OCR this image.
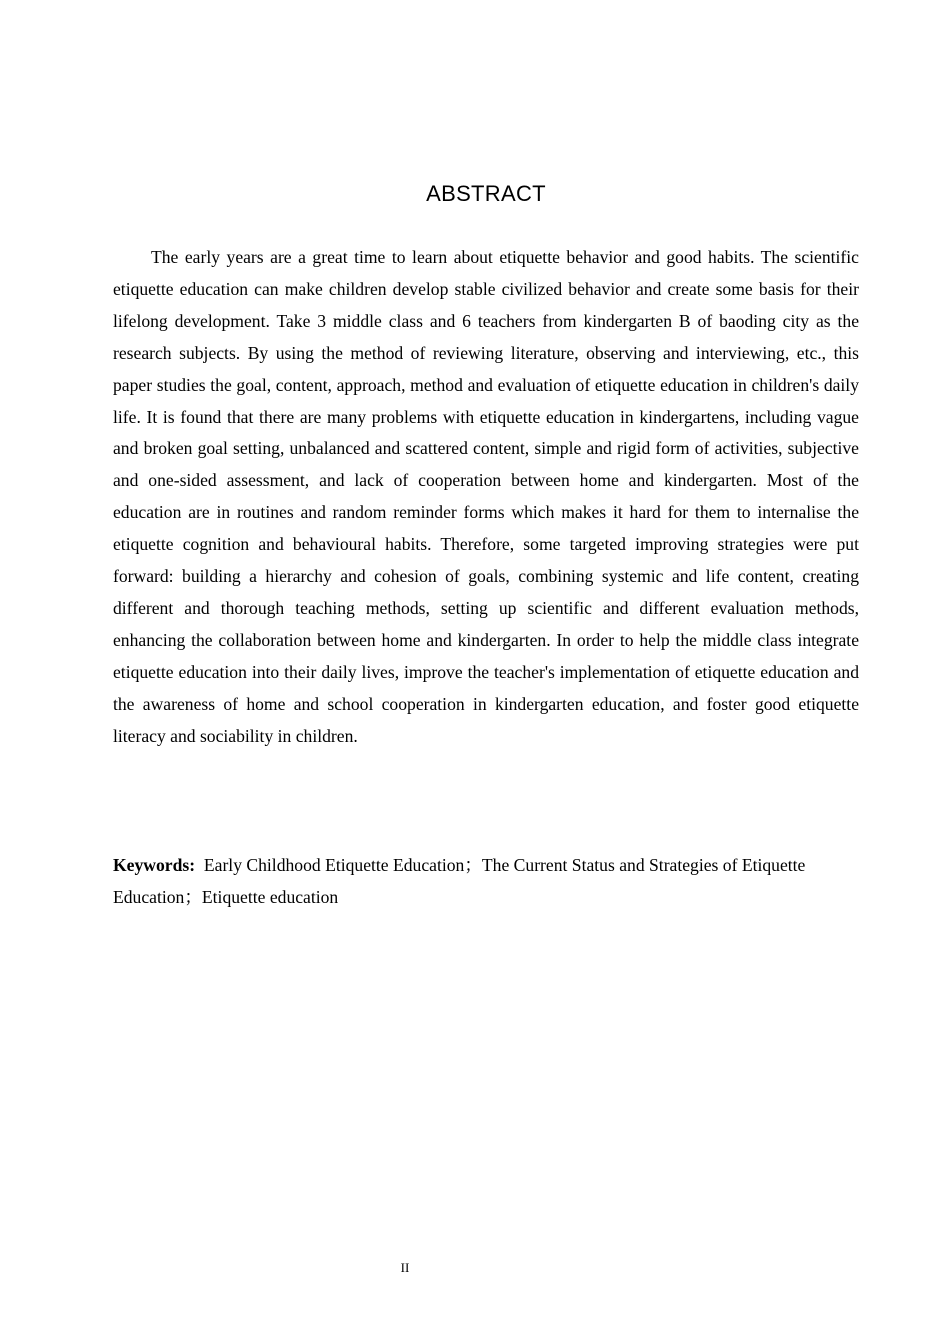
ABSTRACT

The early years are a great time to learn about etiquette behavior and good habits. The scientific etiquette education can make children develop stable civilized behavior and create some basis for their lifelong development. Take 3 middle class and 6 teachers from kindergarten B of baoding city as the research subjects. By using the method of reviewing literature, observing and interviewing, etc., this paper studies the goal, content, approach, method and evaluation of etiquette education in children's daily life. It is found that there are many problems with etiquette education in kindergartens, including vague and broken goal setting, unbalanced and scattered content, simple and rigid form of activities, subjective and one-sided assessment, and lack of cooperation between home and kindergarten. Most of the education are in routines and random reminder forms which makes it hard for them to internalise the etiquette cognition and behavioural habits. Therefore, some targeted improving strategies were put forward: building a hierarchy and cohesion of goals, combining systemic and life content, creating different and thorough teaching methods, setting up scientific and different evaluation methods, enhancing the collaboration between home and kindergarten. In order to help the middle class integrate etiquette education into their daily lives, improve the teacher's implementation of etiquette education and the awareness of home and school cooperation in kindergarten education, and foster good etiquette literacy and sociability in children.

Keywords: Early Childhood Etiquette Education；The Current Status and Strategies of Etiquette Education；Etiquette education

II
